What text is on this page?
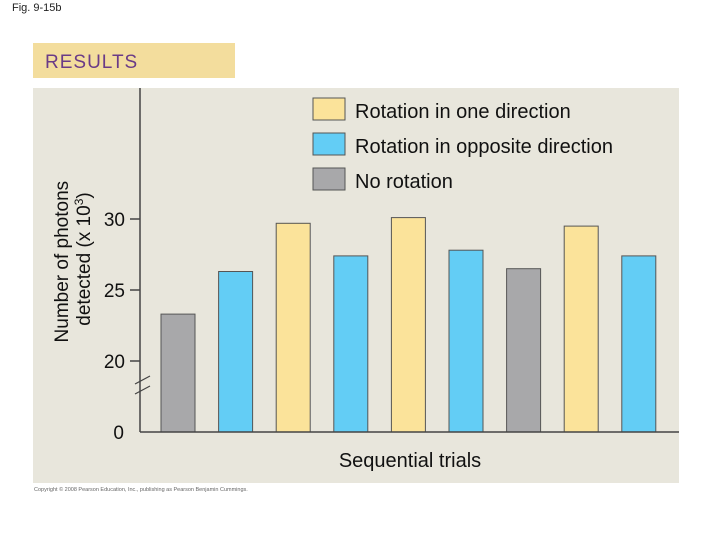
Fig. 9-15b
RESULTS
Copyright © 2008 Pearson Education, Inc., publishing as Pearson Benjamin Cummings.
30
25
20
0
Sequential trials
Number of photons detected (x $10^3$)
Rotation in one direction
Rotation in opposite direction
No rotation
